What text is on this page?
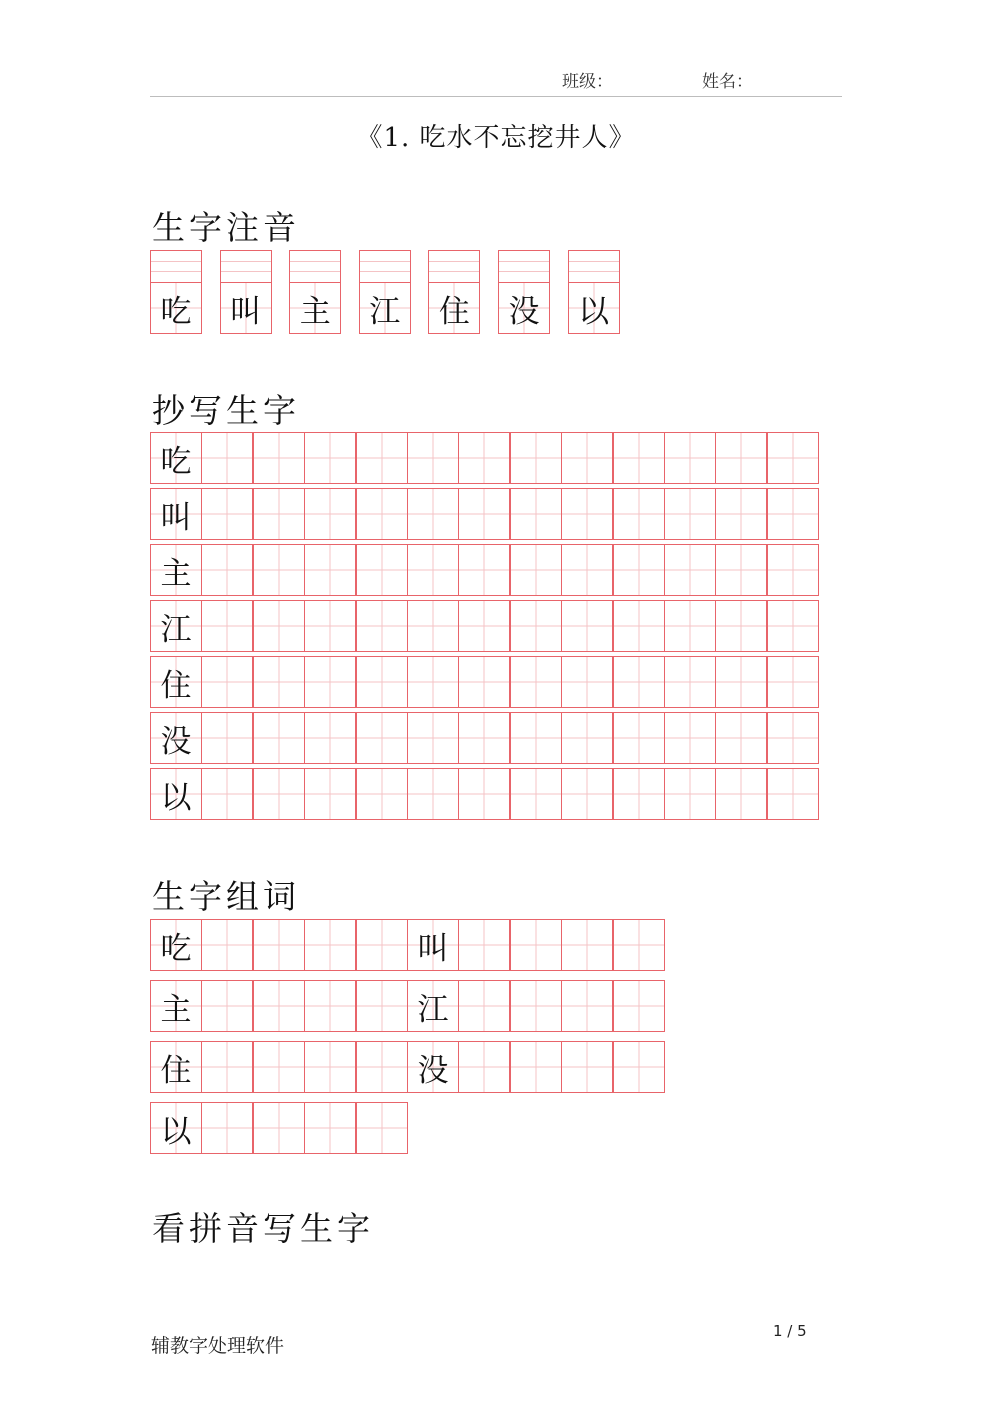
班级：	姓名：
《1. 吃水不忘挖井人》
生字注音
吃	叫	主	江	住	没	以
抄写生字
吃
叫
主
江
住
没
以
生字组词
吃	叫
主	江
住	没
以
看拼音写生字
辅教字处理软件
1 / 5
